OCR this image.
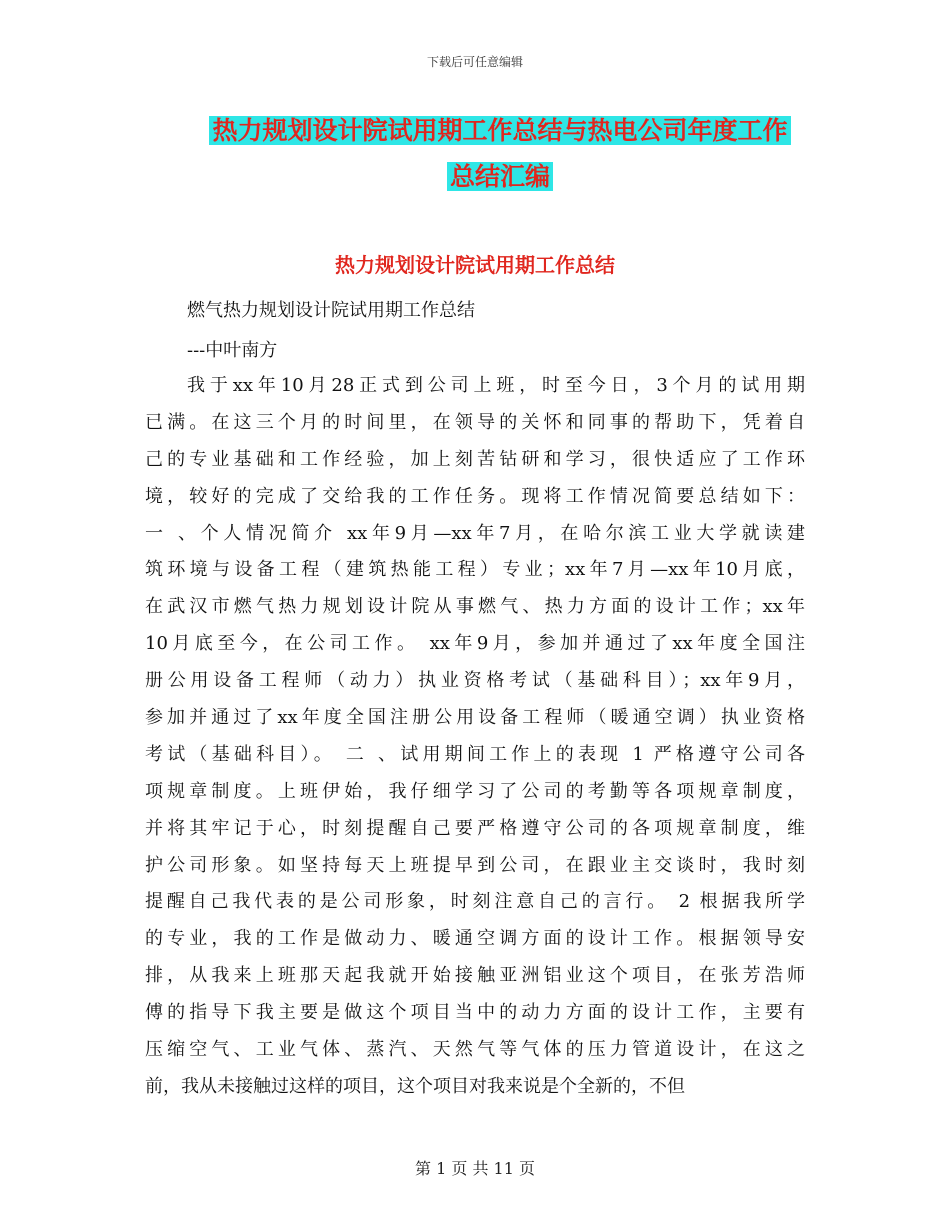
下载后可任意编辑
热力规划设计院试用期工作总结与热电公司年度工作
总结汇编
热力规划设计院试用期工作总结
燃气热力规划设计院试用期工作总结
---中叶南方
我于xx年10月28正式到公司上班，时至今日，3个月的试用期
已满。在这三个月的时间里，在领导的关怀和同事的帮助下，凭着自
己的专业基础和工作经验，加上刻苦钻研和学习，很快适应了工作环
境，较好的完成了交给我的工作任务。现将工作情况简要总结如下：
一 、个人情况简介 xx年9月—xx年7月，在哈尔滨工业大学就读建
筑环境与设备工程（建筑热能工程）专业；xx年7月—xx年10月底，
在武汉市燃气热力规划设计院从事燃气、热力方面的设计工作；xx年
10月底至今，在公司工作。 xx年9月，参加并通过了xx年度全国注
册公用设备工程师（动力）执业资格考试（基础科目）；xx年9月，
参加并通过了xx年度全国注册公用设备工程师（暖通空调）执业资格
考试（基础科目）。 二 、试用期间工作上的表现 1 严格遵守公司各
项规章制度。上班伊始，我仔细学习了公司的考勤等各项规章制度，
并将其牢记于心，时刻提醒自己要严格遵守公司的各项规章制度，维
护公司形象。如坚持每天上班提早到公司，在跟业主交谈时，我时刻
提醒自己我代表的是公司形象，时刻注意自己的言行。 2 根据我所学
的专业，我的工作是做动力、暖通空调方面的设计工作。根据领导安
排，从我来上班那天起我就开始接触亚洲铝业这个项目，在张芳浩师
傅的指导下我主要是做这个项目当中的动力方面的设计工作，主要有
压缩空气、工业气体、蒸汽、天然气等气体的压力管道设计，在这之
前，我从未接触过这样的项目，这个项目对我来说是个全新的，不但
第 1 页 共 11 页
